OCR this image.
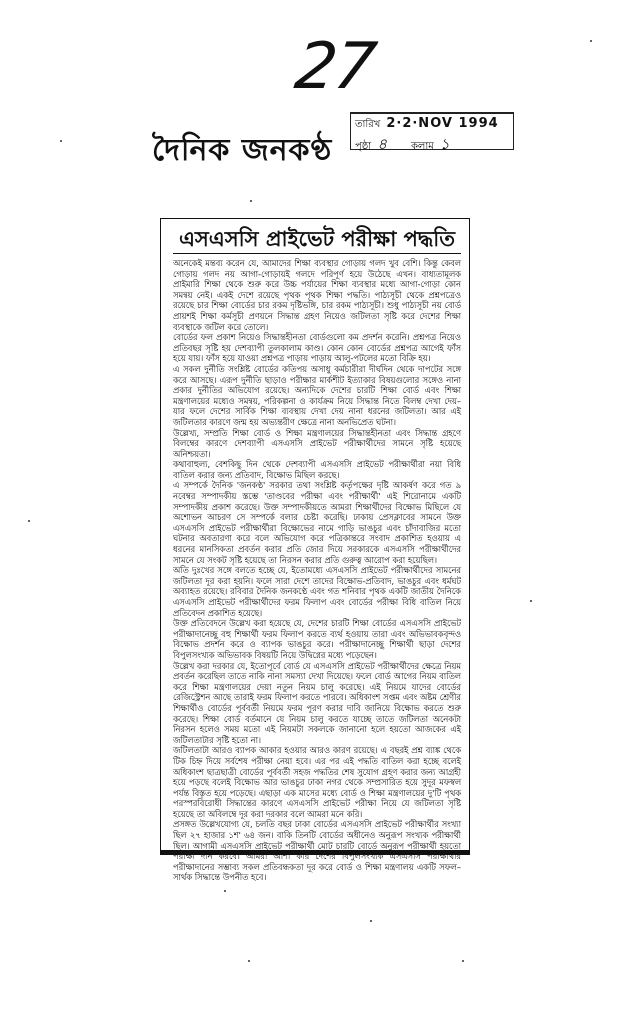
27
দৈনিক জনকণ্ঠ
তারিখ 2·2·NOV 1994
পৃষ্ঠা ৪ কলাম ১
এসএসসি প্রাইভেট পরীক্ষা পদ্ধতি

অনেকেই মন্তব্য করেন যে, আমাদের শিক্ষা ব্যবস্থার গোড়ায় গলদ খুব বেশি। কিন্তু কেবল গোড়ায় গলদ নয় আগা-গোড়ায়ই গলদে পরিপূর্ণ হয়ে উঠেছে এখন। বাধ্যতামূলক প্রাইমারি শিক্ষা থেকে শুরু করে উচ্চ পর্যায়ের শিক্ষা ব্যবস্থার মধ্যে আগা-গোড়া কোন সমন্বয় নেই। একই দেশে রয়েছে পৃথক পৃথক শিক্ষা পদ্ধতি। পাঠ্যসূচী থেকে প্রশ্নপত্রেও রয়েছে চার শিক্ষা বোর্ডের চার রকম দৃষ্টিভঙ্গি, চার রকম পাঠ্যসূচী। শুধু পাঠ্যসূচী নয় বোর্ড প্রায়শই শিক্ষা কর্মসূচী প্রণয়নে সিদ্ধান্ত গ্রহণ নিয়েও জটিলতা সৃষ্টি করে দেশের শিক্ষা ব্যবস্থাকে জটিল করে তোলে।

বোর্ডের ফল প্রকাশ নিয়েও সিদ্ধান্তহীনতা বোর্ডগুলো কম প্রদর্শন করেনি। প্রশ্নপত্র নিয়েও প্রতিবছর সৃষ্টি হয় দেশব্যাপী তুলকালাম কাণ্ড। কোন কোন বোর্ডের প্রশ্নপত্র আগেই ফাঁস হয়ে যায়। ফাঁস হয়ে যাওয়া প্রশ্নপত্র পাড়ায় পাড়ায় আলু-পটলের মতো বিক্রি হয়।

এ সকল দুর্নীতি সংশ্লিষ্ট বোর্ডের কতিপয় অসাধু কর্মচারীরা দীর্ঘদিন থেকে দাপটের সঙ্গে করে আসছে। এরূপ দুর্নীতি ছাড়াও পরীক্ষার মার্কশীট ইত্যাকার বিষয়গুলোর সঙ্গেও নানা প্রকার দুর্নীতির অভিযোগ রয়েছে। অন্যদিকে দেশের চারটি শিক্ষা বোর্ড এবং শিক্ষা মন্ত্রণালয়ের মধ্যেও সমন্বয়, পরিকল্পনা ও কার্যক্রম নিয়ে সিদ্ধান্ত নিতে বিলম্ব দেখা দেয়– যার ফলে দেশের সার্বিক শিক্ষা ব্যবস্থায় দেখা দেয় নানা ধরনের জটিলতা। আর এই জটিলতার কারণে জন্ম হয় অভ্যন্তরীণ ক্ষেত্রে নানা অনভিপ্রেত ঘটনা।

উল্লেখ্য, সম্প্রতি শিক্ষা বোর্ড ও শিক্ষা মন্ত্রণালয়ের সিদ্ধান্তহীনতা এবং সিদ্ধান্ত গ্রহণে বিলম্বের কারণে দেশব্যাপী এসএসসি প্রাইভেট পরীক্ষার্থীদের সামনে সৃষ্টি হয়েছে অনিশ্চয়তা।

কথাবাহুল্য, বেশকিছু দিন থেকে দেশব্যাপী এসএসসি প্রাইভেট পরীক্ষার্থীরা নয়া বিধি বাতিল করার জন্য প্রতিবাদ, বিক্ষোভ মিছিল করছে।

এ সম্পর্কে দৈনিক 'জনকণ্ঠ' সরকার তথা সংশ্লিষ্ট কর্তৃপক্ষের দৃষ্টি আকর্ষণ করে গত ৯ নবেম্বর সম্পাদকীয় স্তম্ভে 'তাণ্ডবের পরীক্ষা এবং পরীক্ষার্থী' এই শিরোনামে একটি সম্পাদকীয় প্রকাশ করেছে। উক্ত সম্পাদকীয়তে আমরা শিক্ষার্থীদের বিক্ষোভ মিছিলে যে অশোভন আচরণ সে সম্পর্কে বলার চেষ্টা করেছি। ঢাকায় প্রেসক্লাবের সামনে উক্ত এসএসসি প্রাইভেট পরীক্ষার্থীরা বিক্ষোভের নামে গাড়ি ভাঙচুর এবং চাঁদাবাজির মতো ঘটনার অবতারণা করে বলে অভিযোগ করে পত্রিকান্তরে সংবাদ প্রকাশিত হওয়ায় এ ধরনের মানসিকতা প্রবর্তন করার প্রতি জোর দিয়ে সরকারকে এসএসসি পরীক্ষার্থীদের সামনে যে সংকট সৃষ্টি হয়েছে তা নিরসন করার প্রতি গুরুত্ব আরোপ করা হয়েছিল।

অতি দুঃখের সঙ্গে বলতে হচ্ছে যে, ইতোমধ্যে এসএসসি প্রাইভেট পরীক্ষার্থীদের সামনের জটিলতা দূর করা হয়নি। ফলে সারা দেশে তাদের বিক্ষোভ-প্রতিবাদ, ভাঙচুর এবং ধর্মঘট অব্যাহত রয়েছে। রবিবার দৈনিক জনকণ্ঠে এবং গত শনিবার পৃথক একটি জাতীয় দৈনিকে এসএসসি প্রাইভেট পরীক্ষার্থীদের ফরম ফিলাপ এবং বোর্ডের পরীক্ষা বিধি বাতিল নিয়ে প্রতিবেদন প্রকাশিত হয়েছে।

উক্ত প্রতিবেদনে উল্লেখ করা হয়েছে যে, দেশের চারটি শিক্ষা বোর্ডের এসএসসি প্রাইভেট পরীক্ষাদানেচ্ছু বহু শিক্ষার্থী ফরম ফিলাপ করতে ব্যর্থ হওয়ায় তারা এবং অভিভাবকবৃন্দও বিক্ষোভ প্রদর্শন করে ও ব্যাপক ভাঙচুর করে। পরীক্ষাদানেচ্ছু শিক্ষার্থী ছাড়া দেশের বিপুলসংখ্যক অভিভাবক বিষয়টি নিয়ে উদ্বিগ্নের মধ্যে পড়েছেন।

উল্লেখ করা দরকার যে, ইতোপূর্বে বোর্ড যে এসএসসি প্রাইভেট পরীক্ষার্থীদের ক্ষেত্রে নিয়ম প্রবর্তন করেছিল তাতে নাকি নানা সমস্যা দেখা দিয়েছে। ফলে বোর্ড আগের নিয়ম বাতিল করে শিক্ষা মন্ত্রণালয়ের দেয়া নতুন নিয়ম চালু করেছে। এই নিয়মে যাদের বোর্ডের রেজিস্ট্রেশন আছে তারাই ফরম ফিলাপ করতে পারবে। অধিকাংশ সপ্তম এবং অষ্টম শ্রেণীর শিক্ষার্থীও বোর্ডের পূর্ববর্তী নিয়মে ফরম পূরণ করার দাবি জানিয়ে বিক্ষোভ করতে শুরু করেছে। শিক্ষা বোর্ড বর্তমানে যে নিয়ম চালু করতে যাচ্ছে তাতে জটিলতা অনেকটা নিরসন হলেও সময় মতো এই নিয়মটা সকলকে জানানো হলে হয়তো আজকের এই জটিলতাটার সৃষ্টি হতো না।

জটিলতাটা আরও ব্যাপক আকার হওয়ার আরও কারণ রয়েছে। এ বছরই প্রশ্ন ব্যাঙ্ক থেকে টিক চিহ্ন দিয়ে সর্বশেষ পরীক্ষা নেয়া হবে। এর পর এই পদ্ধতি বাতিল করা হচ্ছে বলেই অধিকাংশ ছাত্রছাত্রী বোর্ডের পূর্ববর্তী সহজ পদ্ধতির শেষ সুযোগ গ্রহণ করার জন্য আগ্রহী হয়ে পড়ছে বলেই বিক্ষোভ আর ভাঙচুর ঢাকা নগর থেকে সম্প্রসারিত হয়ে সুদূর মফস্বল পর্যন্ত বিস্তৃত হয়ে পড়েছে। এছাড়া এক মাসের মধ্যে বোর্ড ও শিক্ষা মন্ত্রণালয়ের দু'টি পৃথক পরস্পরবিরোধী সিদ্ধান্তের কারণে এসএসসি প্রাইভেট পরীক্ষা নিয়ে যে জটিলতা সৃষ্টি হয়েছে তা অবিলম্বে দূর করা দরকার বলে আমরা মনে করি।

প্রসঙ্গত উল্লেখযোগ্য যে, চলতি বছর ঢাকা বোর্ডের এসএসসি প্রাইভেট পরীক্ষার্থীর সংখ্যা ছিল ২৭ হাজার ১শ' ৬৪ জন। বাকি তিনটি বোর্ডের অধীনেও অনুরূপ সংখ্যক পরীক্ষার্থী ছিল। আগামী এসএসসি প্রাইভেট পরীক্ষার্থী মোট চারটি বোর্ডে অনুরূপ পরীক্ষার্থী হয়তো পরীক্ষা দান করবে। আমরা আশা করি দেশের বিপুলসংখ্যক এসএসসি পরীক্ষার্থীর পরীক্ষাদানের সম্ভাব্য সকল প্রতিবন্ধকতা দূর করে বোর্ড ও শিক্ষা মন্ত্রণালয় একটি সফল– সার্থক সিদ্ধান্তে উপনীত হবে।
